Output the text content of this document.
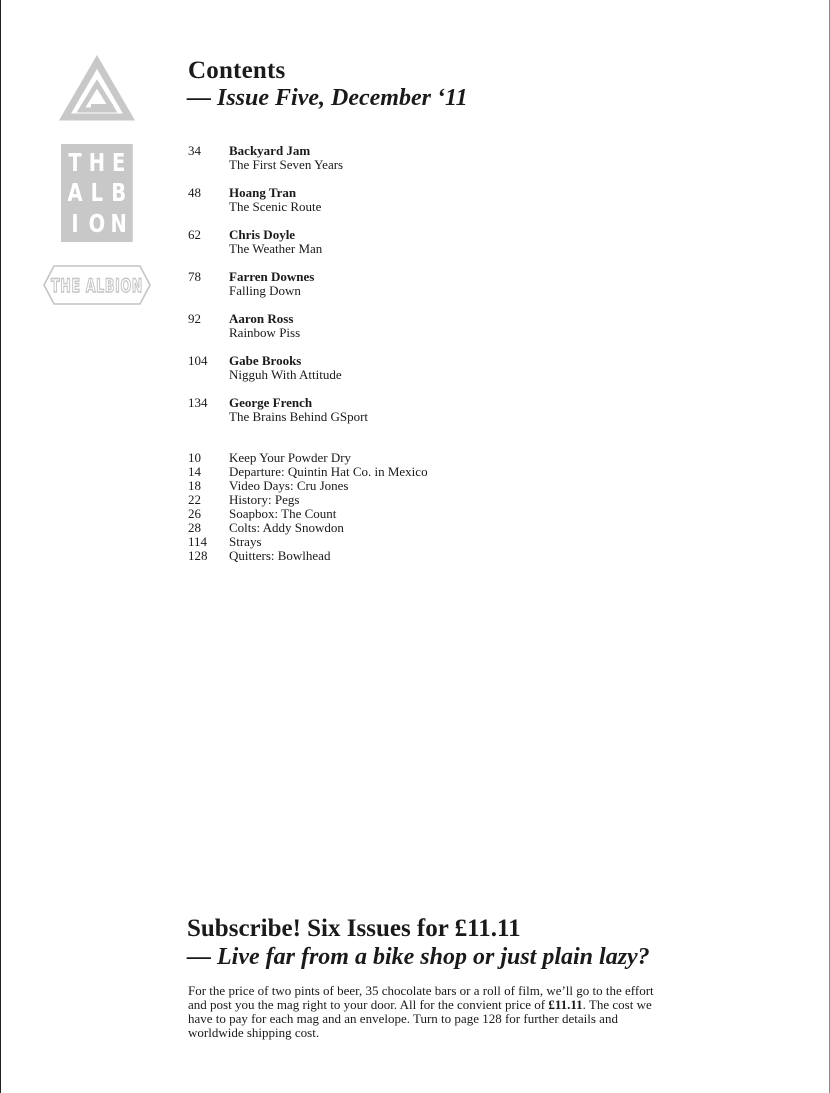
T H E
A L B
I O N
THE ALBION
Contents
— Issue Five, December ‘11
34 Backyard Jam
The First Seven Years
48 Hoang Tran
The Scenic Route
62 Chris Doyle
The Weather Man
78 Farren Downes
Falling Down
92 Aaron Ross
Rainbow Piss
104 Gabe Brooks
Nigguh With Attitude
134 George French
The Brains Behind GSport
10 Keep Your Powder Dry
14 Departure: Quintin Hat Co. in Mexico
18 Video Days: Cru Jones
22 History: Pegs
26 Soapbox: The Count
28 Colts: Addy Snowdon
114 Strays
128 Quitters: Bowlhead
Subscribe! Six Issues for £11.11
— Live far from a bike shop or just plain lazy?

For the price of two pints of beer, 35 chocolate bars or a roll of film, we’ll go to the effort and post you the mag right to your door. All for the convient price of £11.11. The cost we have to pay for each mag and an envelope. Turn to page 128 for further details and worldwide shipping cost.
